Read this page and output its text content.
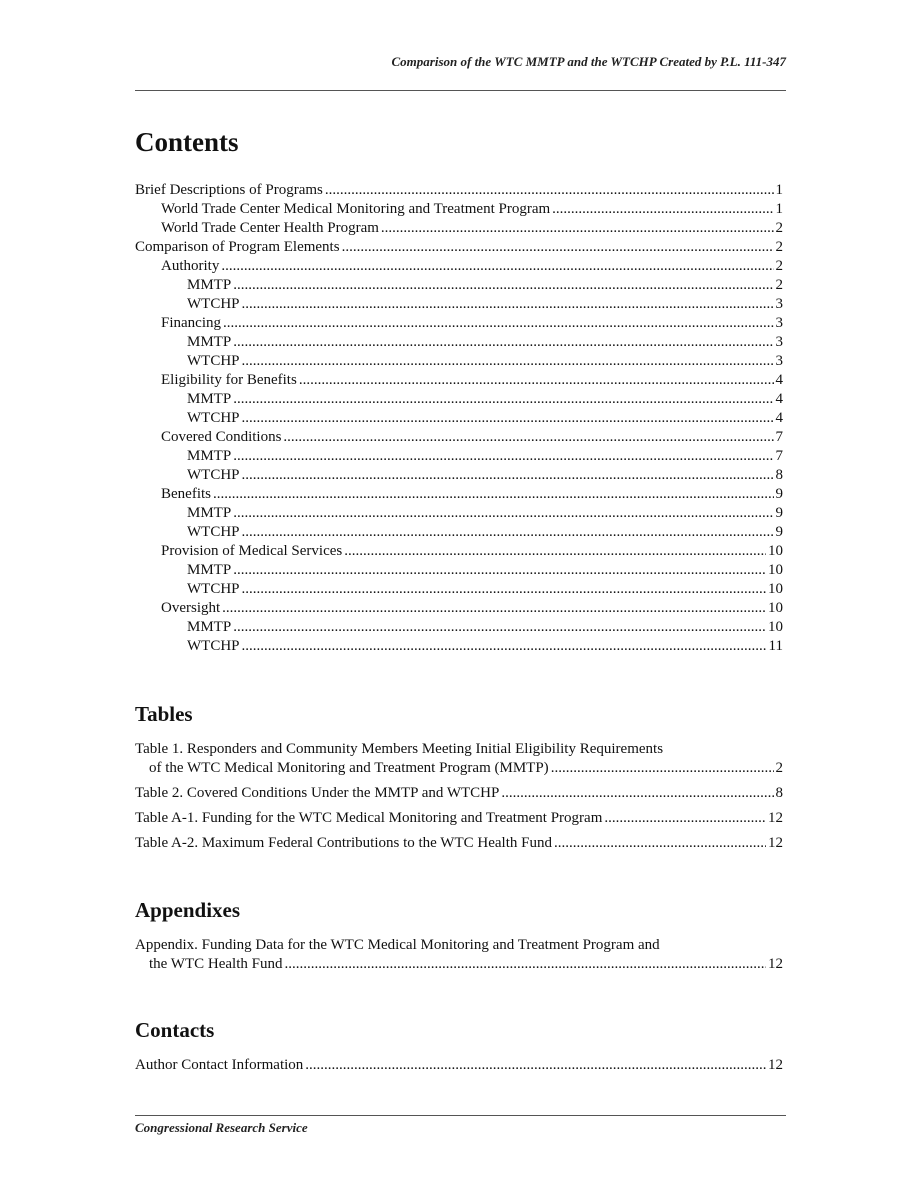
Comparison of the WTC MMTP and the WTCHP Created by P.L. 111-347
Contents
Brief Descriptions of Programs .....	1
World Trade Center Medical Monitoring and Treatment Program .....	1
World Trade Center Health Program .....	2
Comparison of Program Elements .....	2
Authority .....	2
MMTP .....	2
WTCHP .....	3
Financing .....	3
MMTP .....	3
WTCHP .....	3
Eligibility for Benefits .....	4
MMTP .....	4
WTCHP .....	4
Covered Conditions .....	7
MMTP .....	7
WTCHP .....	8
Benefits .....	9
MMTP .....	9
WTCHP .....	9
Provision of Medical Services .....	10
MMTP .....	10
WTCHP .....	10
Oversight .....	10
MMTP .....	10
WTCHP .....	11
Tables
Table 1. Responders and Community Members Meeting Initial Eligibility Requirements
of the WTC Medical Monitoring and Treatment Program (MMTP) .....	2
Table 2. Covered Conditions Under the MMTP and WTCHP .....	8
Table A-1. Funding for the WTC Medical Monitoring and Treatment Program .....	12
Table A-2. Maximum Federal Contributions to the WTC Health Fund .....	12
Appendixes
Appendix. Funding Data for the WTC Medical Monitoring and Treatment Program and
the WTC Health Fund .....	12
Contacts
Author Contact Information .....	12
Congressional Research Service
